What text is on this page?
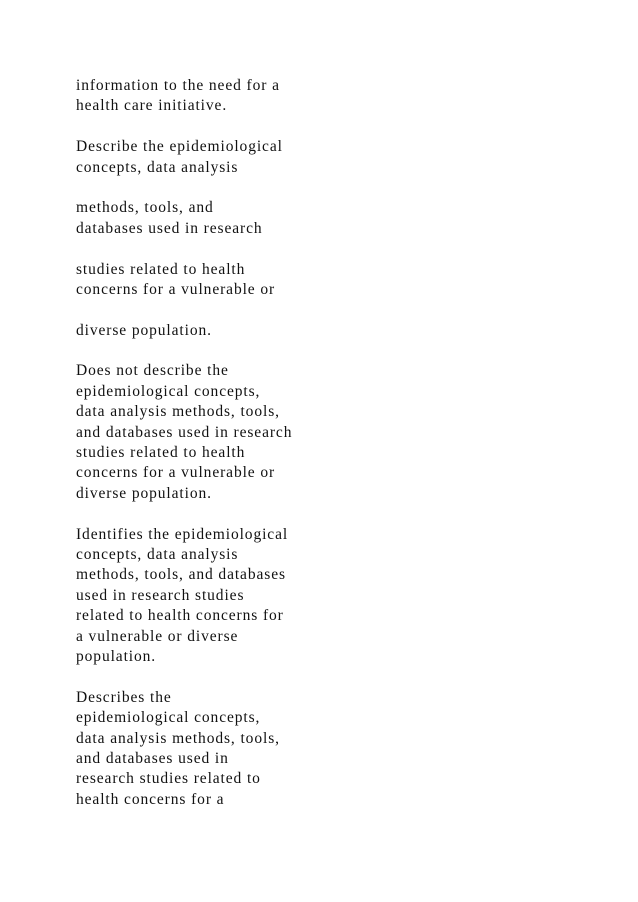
information to the need for a
health care initiative.
Describe the epidemiological
concepts, data analysis
methods, tools, and
databases used in research
studies related to health
concerns for a vulnerable or
diverse population.
Does not describe the
epidemiological concepts,
data analysis methods, tools,
and databases used in research
studies related to health
concerns for a vulnerable or
diverse population.
Identifies the epidemiological
concepts, data analysis
methods, tools, and databases
used in research studies
related to health concerns for
a vulnerable or diverse
population.
Describes the
epidemiological concepts,
data analysis methods, tools,
and databases used in
research studies related to
health concerns for a
